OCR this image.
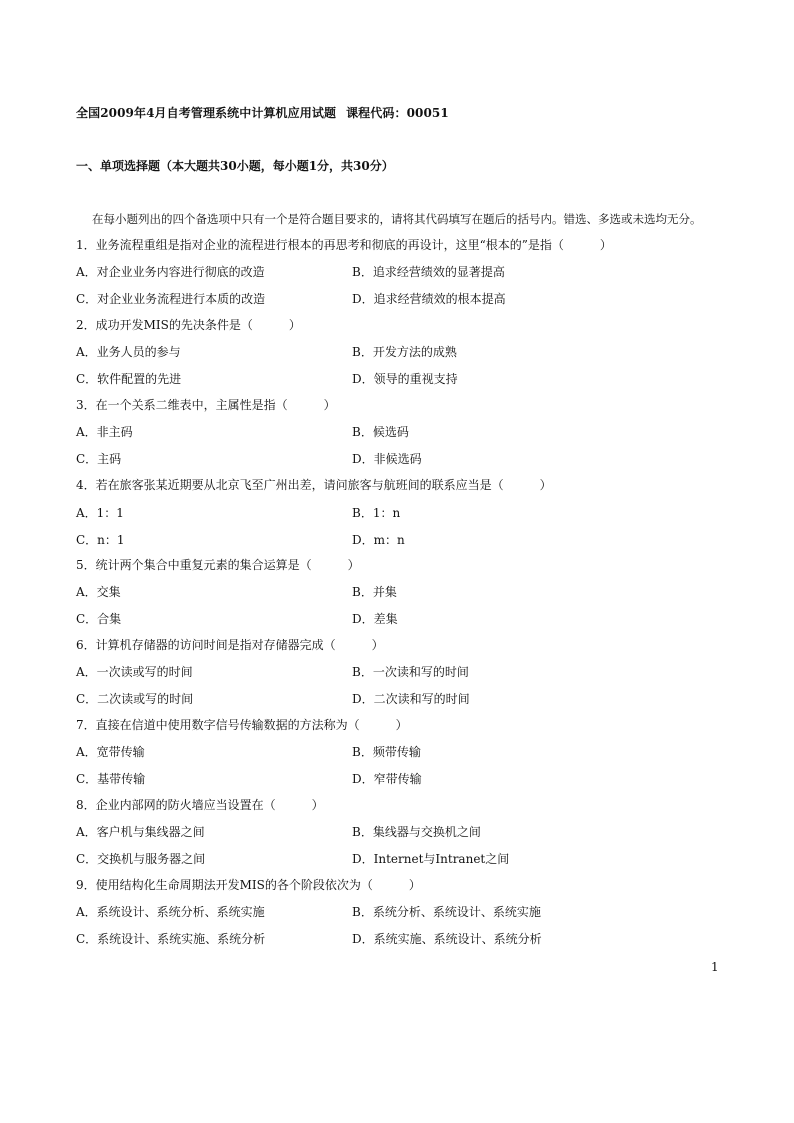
全国2009年4月自考管理系统中计算机应用试题 课程代码：00051
一、单项选择题（本大题共30小题，每小题1分，共30分）
在每小题列出的四个备选项中只有一个是符合题目要求的，请将其代码填写在题后的括号内。错选、多选或未选均无分。
1．业务流程重组是指对企业的流程进行根本的再思考和彻底的再设计，这里“根本的”是指（　　　）
A．对企业业务内容进行彻底的改造	B．追求经营绩效的显著提高
C．对企业业务流程进行本质的改造	D．追求经营绩效的根本提高
2．成功开发MIS的先决条件是（　　　）
A．业务人员的参与	B．开发方法的成熟
C．软件配置的先进	D．领导的重视支持
3．在一个关系二维表中，主属性是指（　　　）
A．非主码	B．候选码
C．主码	D．非候选码
4．若在旅客张某近期要从北京飞至广州出差，请问旅客与航班间的联系应当是（　　　）
A．1：1	B．1：n
C．n：1	D．m：n
5．统计两个集合中重复元素的集合运算是（　　　）
A．交集	B．并集
C．合集	D．差集
6．计算机存储器的访问时间是指对存储器完成（　　　）
A．一次读或写的时间	B．一次读和写的时间
C．二次读或写的时间	D．二次读和写的时间
7．直接在信道中使用数字信号传输数据的方法称为（　　　）
A．宽带传输	B．频带传输
C．基带传输	D．窄带传输
8．企业内部网的防火墙应当设置在（　　　）
A．客户机与集线器之间	B．集线器与交换机之间
C．交换机与服务器之间	D．Internet与Intranet之间
9．使用结构化生命周期法开发MIS的各个阶段依次为（　　　）
A．系统设计、系统分析、系统实施	B．系统分析、系统设计、系统实施
C．系统设计、系统实施、系统分析	D．系统实施、系统设计、系统分析
1
